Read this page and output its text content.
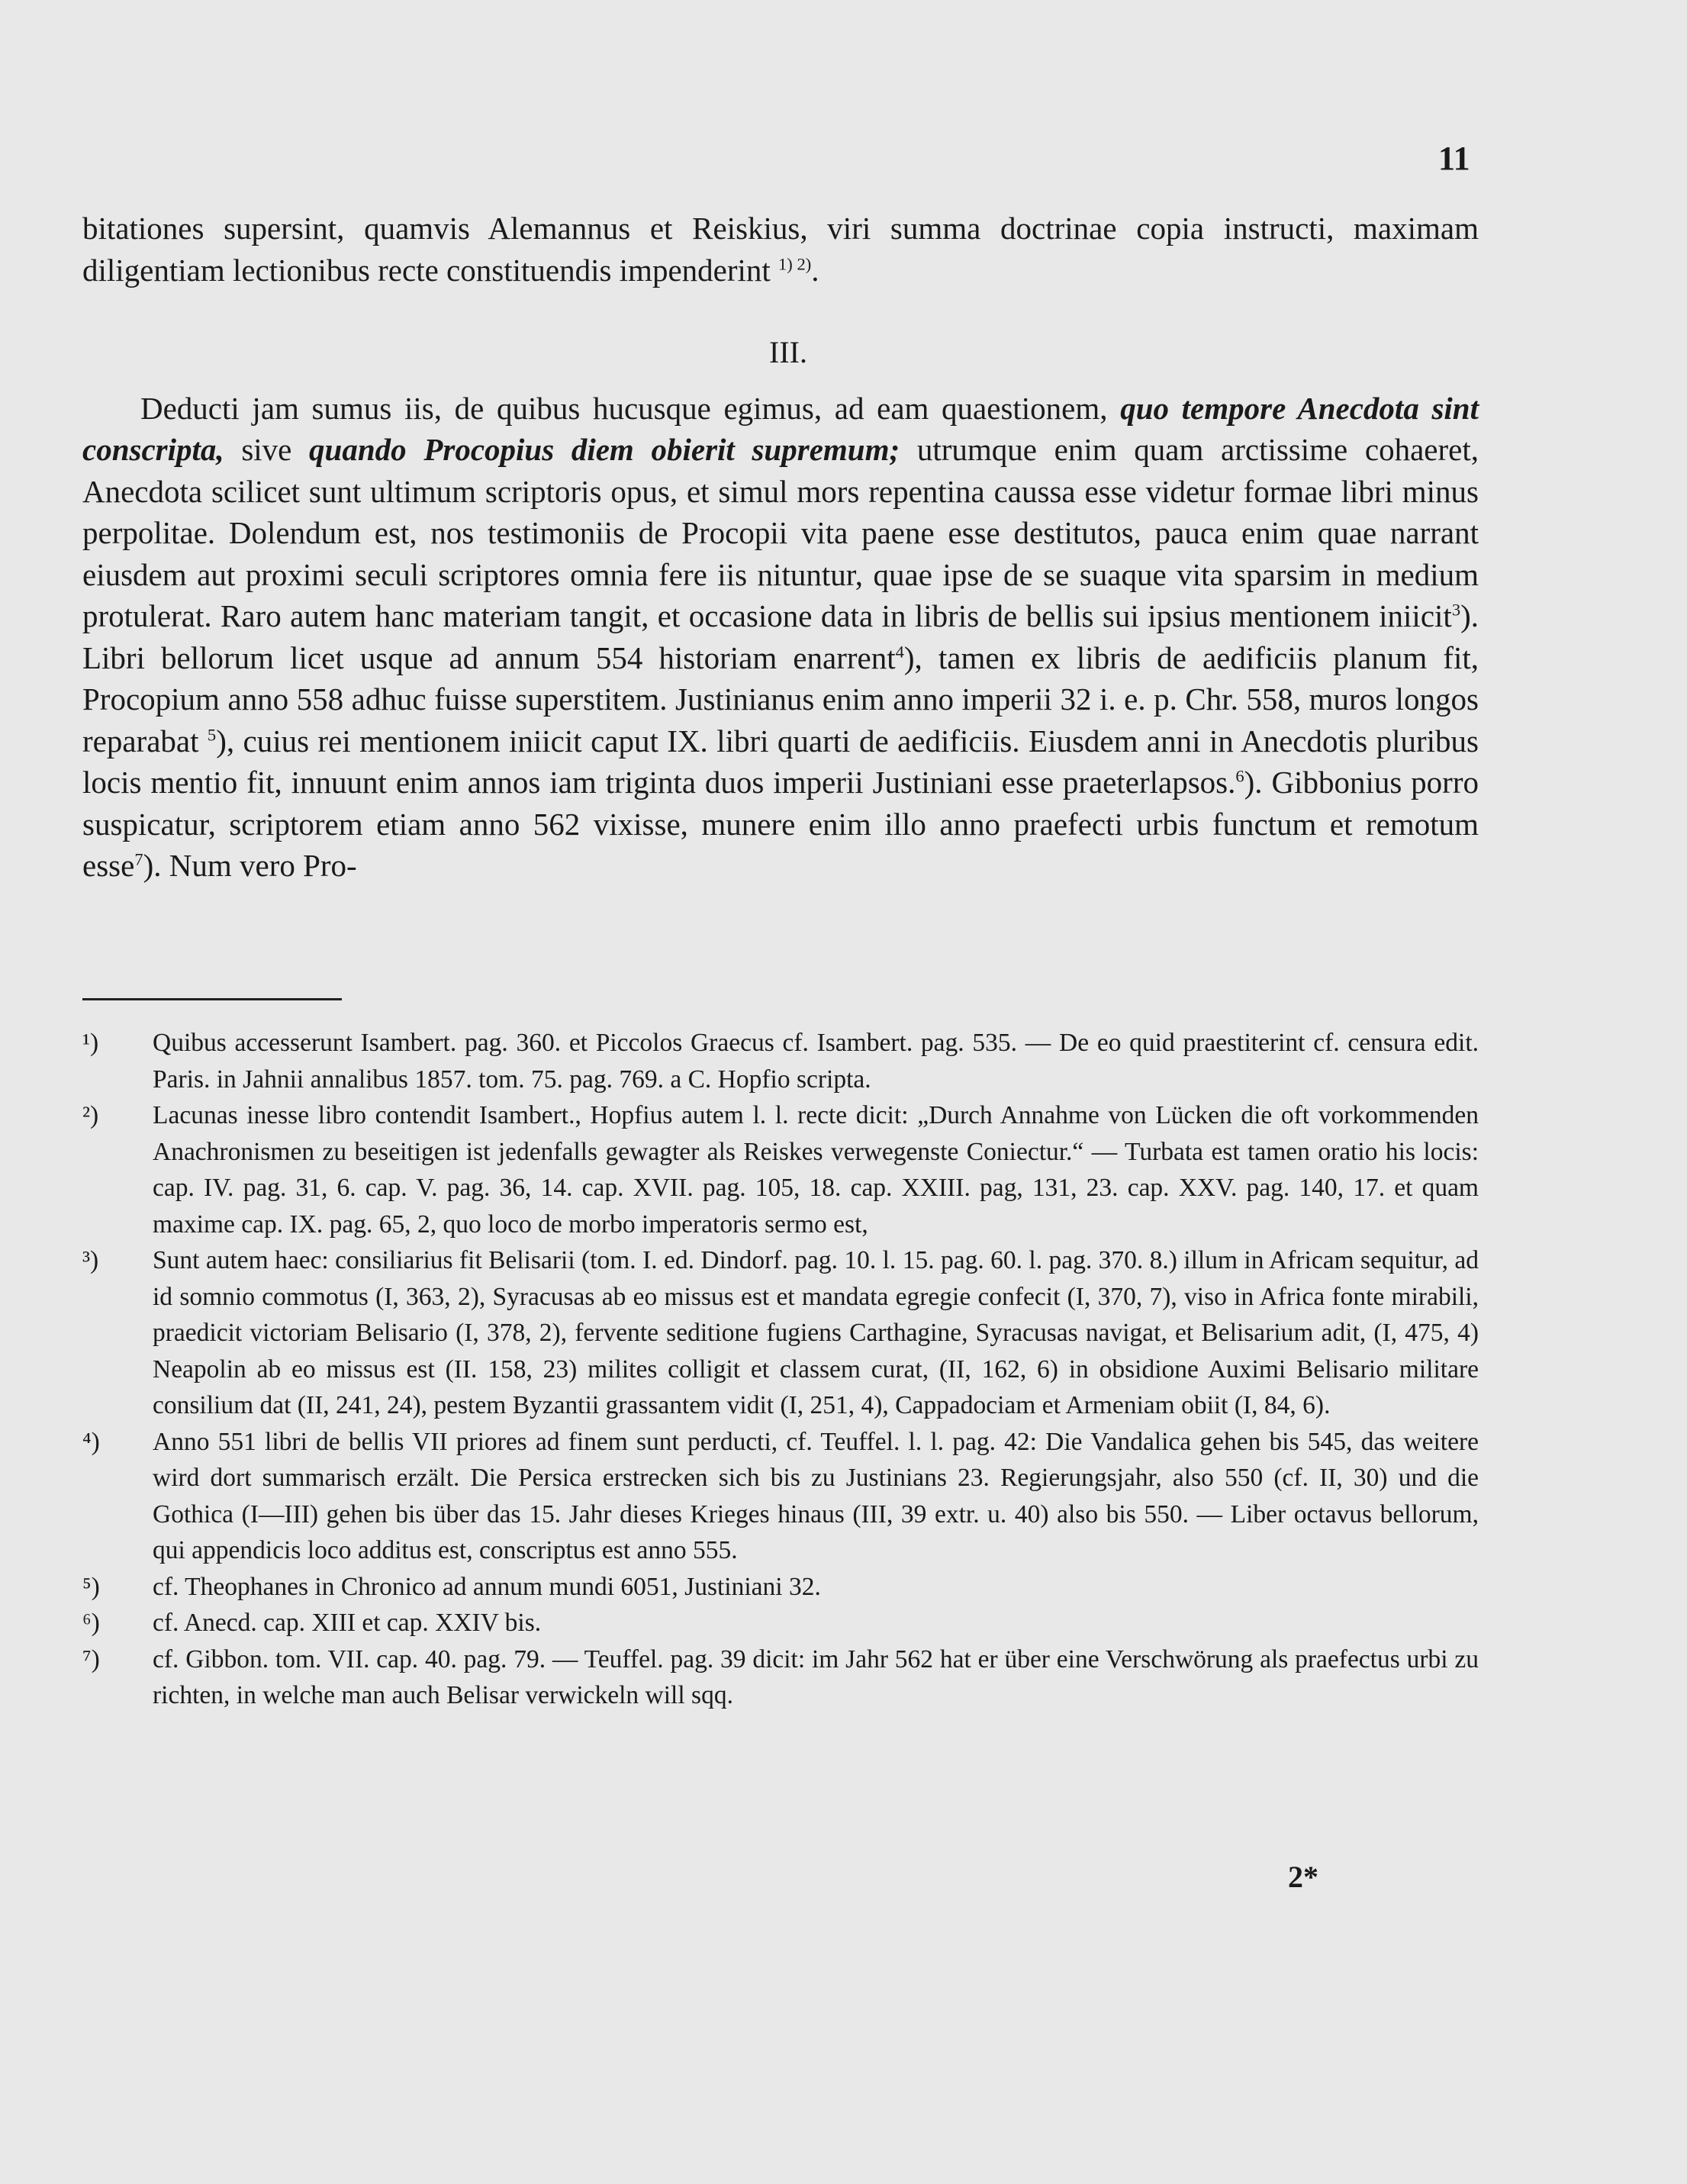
11

bitationes supersint, quamvis Alemannus et Reiskius, viri summa doctrinae copia instructi, maximam diligentiam lectionibus recte constituendis impenderint $^{1) 2)}$.

III.

Deducti jam sumus iis, de quibus hucusque egimus, ad eam quaestionem, quo tempore Anecdota sint conscripta, sive quando Procopius diem obierit supremum; utrumque enim quam arctissime cohaeret, Anecdota scilicet sunt ultimum scriptoris opus, et simul mors repentina caussa esse videtur formae libri minus perpolitae. Dolendum est, nos testimoniis de Procopii vita paene esse destitutos, pauca enim quae narrant eiusdem aut proximi seculi scriptores omnia fere iis nituntur, quae ipse de se suaque vita sparsim in medium protulerat. Raro autem hanc materiam tangit, et occasione data in libris de bellis sui ipsius mentionem iniicit$^3$). Libri bellorum licet usque ad annum 554 historiam enarrent$^4$), tamen ex libris de aedificiis planum fit, Procopium anno 558 adhuc fuisse superstitem. Justinianus enim anno imperii 32 i. e. p. Chr. 558, muros longos reparabat $^5$), cuius rei mentionem iniicit caput IX. libri quarti de aedificiis. Eiusdem anni in Anecdotis pluribus locis mentio fit, innuunt enim annos iam triginta duos imperii Justiniani esse praeterlapsos.$^6$). Gibbonius porro suspicatur, scriptorem etiam anno 562 vixisse, munere enim illo anno praefecti urbis functum et remotum esse$^7$). Num vero Pro-

¹)	Quibus accesserunt Isambert. pag. 360. et Piccolos Graecus cf. Isambert. pag. 535. — De eo quid praestiterint cf. censura edit. Paris. in Jahnii annalibus 1857. tom. 75. pag. 769. a C. Hopfio scripta.
²)	Lacunas inesse libro contendit Isambert., Hopfius autem l. l. recte dicit: „Durch Annahme von Lücken die oft vorkommenden Anachronismen zu beseitigen ist jedenfalls gewagter als Reiskes verwegenste Coniectur.“ — Turbata est tamen oratio his locis: cap. IV. pag. 31, 6. cap. V. pag. 36, 14. cap. XVII. pag. 105, 18. cap. XXIII. pag, 131, 23. cap. XXV. pag. 140, 17. et quam maxime cap. IX. pag. 65, 2, quo loco de morbo imperatoris sermo est,
³)	Sunt autem haec: consiliarius fit Belisarii (tom. I. ed. Dindorf. pag. 10. l. 15. pag. 60. l. pag. 370. 8.) illum in Africam sequitur, ad id somnio commotus (I, 363, 2), Syracusas ab eo missus est et mandata egregie confecit (I, 370, 7), viso in Africa fonte mirabili, praedicit victoriam Belisario (I, 378, 2), fervente seditione fugiens Carthagine, Syracusas navigat, et Belisarium adit, (I, 475, 4) Neapolin ab eo missus est (II. 158, 23) milites colligit et classem curat, (II, 162, 6) in obsidione Auximi Belisario militare consilium dat (II, 241, 24), pestem Byzantii grassantem vidit (I, 251, 4), Cappadociam et Armeniam obiit (I, 84, 6).
⁴)	Anno 551 libri de bellis VII priores ad finem sunt perducti, cf. Teuffel. l. l. pag. 42: Die Vandalica gehen bis 545, das weitere wird dort summarisch erzält. Die Persica erstrecken sich bis zu Justinians 23. Regierungsjahr, also 550 (cf. II, 30) und die Gothica (I—III) gehen bis über das 15. Jahr dieses Krieges hinaus (III, 39 extr. u. 40) also bis 550. — Liber octavus bellorum, qui appendicis loco additus est, conscriptus est anno 555.
⁵)	cf. Theophanes in Chronico ad annum mundi 6051, Justiniani 32.
⁶)	cf. Anecd. cap. XIII et cap. XXIV bis.
⁷)	cf. Gibbon. tom. VII. cap. 40. pag. 79. — Teuffel. pag. 39 dicit: im Jahr 562 hat er über eine Verschwörung als praefectus urbi zu richten, in welche man auch Belisar verwickeln will sqq.
2*
